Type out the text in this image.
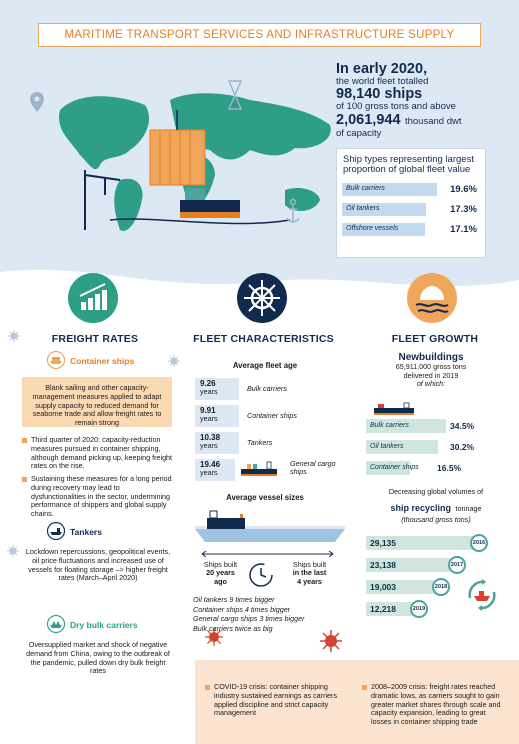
MARITIME TRANSPORT SERVICES AND INFRASTRUCTURE SUPPLY
In early 2020,
the world fleet totalled
98,140 ships
of 100 gross tons and above
2,061,944 thousand dwt
of capacity
Ship types representing largest proportion of global fleet value
Bulk carriers	19.6%
Oil tankers	17.3%
Offshore vessels	17.1%
FREIGHT RATES	FLEET CHARACTERISTICS	FLEET GROWTH
Container ships
Blank sailing and other capacity-management measures applied to adapt supply capacity to reduced demand for seaborne trade and allow freight rates to remain strong
Third quarter of 2020: capacity-reduction measures pursued in container shipping, although demand picking up, keeping freight rates on the rise.
Sustaining these measures for a long period during recovery may lead to dysfunctionalities in the sector, undermining performance of shippers and global supply chains.
Tankers
Lockdown repercussions, geopolitical events, oil price fluctuations and increased use of vessels for floating storage –> higher freight rates (March–April 2020)
Dry bulk carriers
Oversupplied market and shock of negative demand from China, owing to the outbreak of the pandemic, pulled down dry bulk freight rates
Average fleet age
9.26
years	Bulk carriers
9.91
years	Container ships
10.38
years	Tankers
19.46
years
General cargo ships
Average vessel sizes
Ships built
20 years
ago
Ships built
in the last
4 years
Oil tankers 9 times bigger
Container ships 4 times bigger
General cargo ships 3 times bigger
Bulk carriers twice as big
Newbuildings
65,911,000 gross tons
delivered in 2019
of which:
Bulk carriers	34.5%
Oil tankers	30.2%
Container ships 16.5%
Decreasing global volumes of
ship recycling tonnage
(thousand gross tons)
29,135	2016
23,138	2017
19,003	2018
12,218	2019
COVID-19 crisis: container shipping industry sustained earnings as carriers applied discipline and strict capacity management
2008–2009 crisis: freight rates reached dramatic lows, as carriers sought to gain greater market shares through scale and capacity expansion, leading to great losses in container shipping trade
